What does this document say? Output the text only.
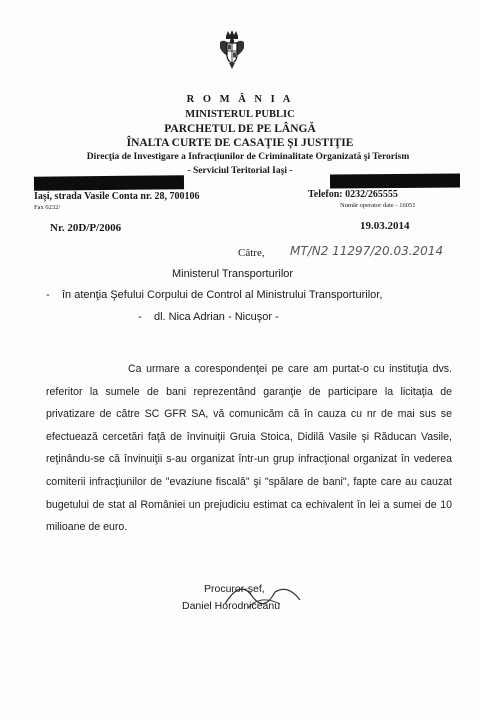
R O M Â N I A
MINISTERUL PUBLIC
PARCHETUL DE PE LÂNGĂ
ÎNALTA CURTE DE CASAŢIE ŞI JUSTIŢIE
Direcţia de Investigare a Infracţiunilor de Criminalitate Organizată şi Terorism
- Serviciul Teritorial Iaşi -
Iaşi, strada Vasile Conta nr. 28, 700106
Fax 0232/
Telefon: 0232/265555
Număr operator date - 16051
Nr. 20D/P/2006	19.03.2014
Către, MT/N2 11297/20.03.2014
Ministerul Transporturilor
- în atenţia Şefului Corpului de Control al Ministrului Transporturilor,
- dl. Nica Adrian - Nicuşor -
Ca urmare a corespondenţei pe care am purtat-o cu instituţia dvs. referitor la sumele de bani reprezentând garanţie de participare la licitaţia de privatizare de către SC GFR SA, vă comunicăm că în cauza cu nr de mai sus se efectuează cercetări faţă de învinuiţii Gruia Stoica, Didilă Vasile şi Răducan Vasile, reţinându-se că învinuiţii s-au organizat într-un grup infracţional organizat în vederea comiterii infracţiunilor de "evaziune fiscală" şi "spălare de bani", fapte care au cauzat bugetului de stat al României un prejudiciu estimat ca echivalent în lei a sumei de 10 milioane de euro.
Procuror-şef,
Daniel Horodniceanu
